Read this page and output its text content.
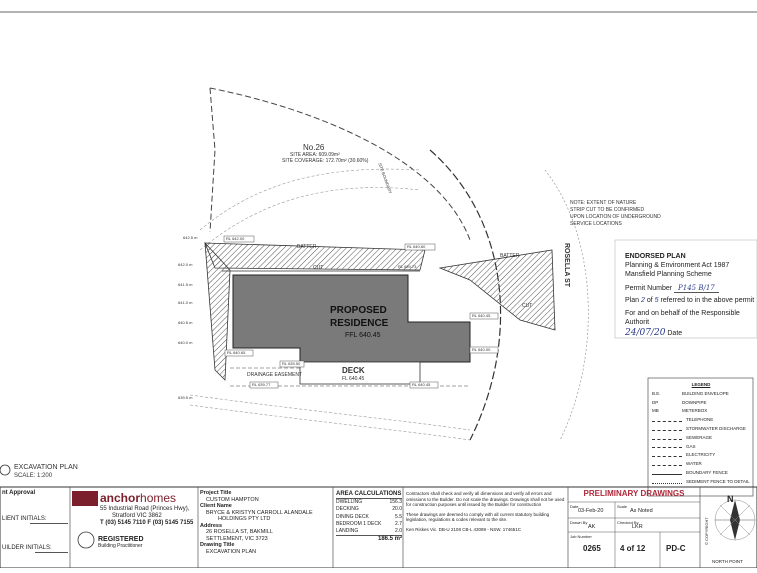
No.26
SITE AREA: 609.09m²
SITE COVERAGE: 172.70m² (30.60%)
PROPOSED
RESIDENCE
FFL 640.45
DECK
FL 640.45
BATTER
BATTER
CUT
CUT
DRAINAGE EASEMENT
ROSELLA ST
SITE BOUNDARY
NOTE: EXTENT OF NATURE
STRIP CUT TO BE CONFIRMED
UPON LOCATION OF UNDERGROUND
SERVICE LOCATIONS
RL 642.00
RL 640.60
RL 640.65
RL 640.45
RL 640.00
RL 639.50
RL 639.77	RL 640.45
RL 639.73
642.5 m
642.0 m
641.5 m
641.0 m
640.5 m
640.0 m
639.5 m
EXCAVATION PLAN
SCALE: 1:200
ENDORSED PLAN
Planning & Environment Act 1987
Mansfield Planning Scheme
Permit Number P145 B/17
Plan 2 of 5 referred to in the above permit
For and on behalf of the Responsible Authorit
24/07/20 Date
LEGEND
B.E.	BUILDING ENVELOPE
DP	DOWNPIPE
MB	METERBOX
TELEPHONE
STORMWATER DISCHARGE
SEWERAGE
GAS
ELECTRICITY
WATER
BOUNDARY FENCE
SEDIMENT FENCE TO DETAIL
nt Approval
LIENT INITIALS:
UILDER INITIALS:
anchorhomes
55 Industrial Road (Princes Hwy),
Stratford VIC 3862
T (03) 5145 7110 F (03) 5145 7155
REGISTERED
Building Practitioner
Project Title
CUSTOM HAMPTON
Client Name
BRYCE & KRISTYN CARROLL ALANDALE
HOLDINGS PTY LTD
Address
26 ROSELLA ST, BAKMILL
SETTLEMENT, VIC 3723
Drawing Title
EXCAVATION PLAN
AREA CALCULATIONS
DWELLING	156.3
DECKING	20.0
DINING DECK	5.5
BEDROOM 1 DECK	2.7
LANDING	2.0
186.5 m²
Contractors shall check and verify all dimensions and verify all errors and omissions to the Builder. Do not scale the drawings. Drawings shall not be used for construction purposes until issued by the Builder for construction
These drawings are deemed to comply with all current statutory building legislation, regulations & codes relevant to the site.
Ken Riskes Vic. DB-U 2108 CB-L 43089 - NSW. 174651C
PRELIMINARY DRAWINGS
Date
03-Feb-20
Scale
As Noted
Drawn By
AK
Checked By
LKR
Job Number
0265 4 of 12	PD-C
NORTH POINT
© COPYRIGHT
N
